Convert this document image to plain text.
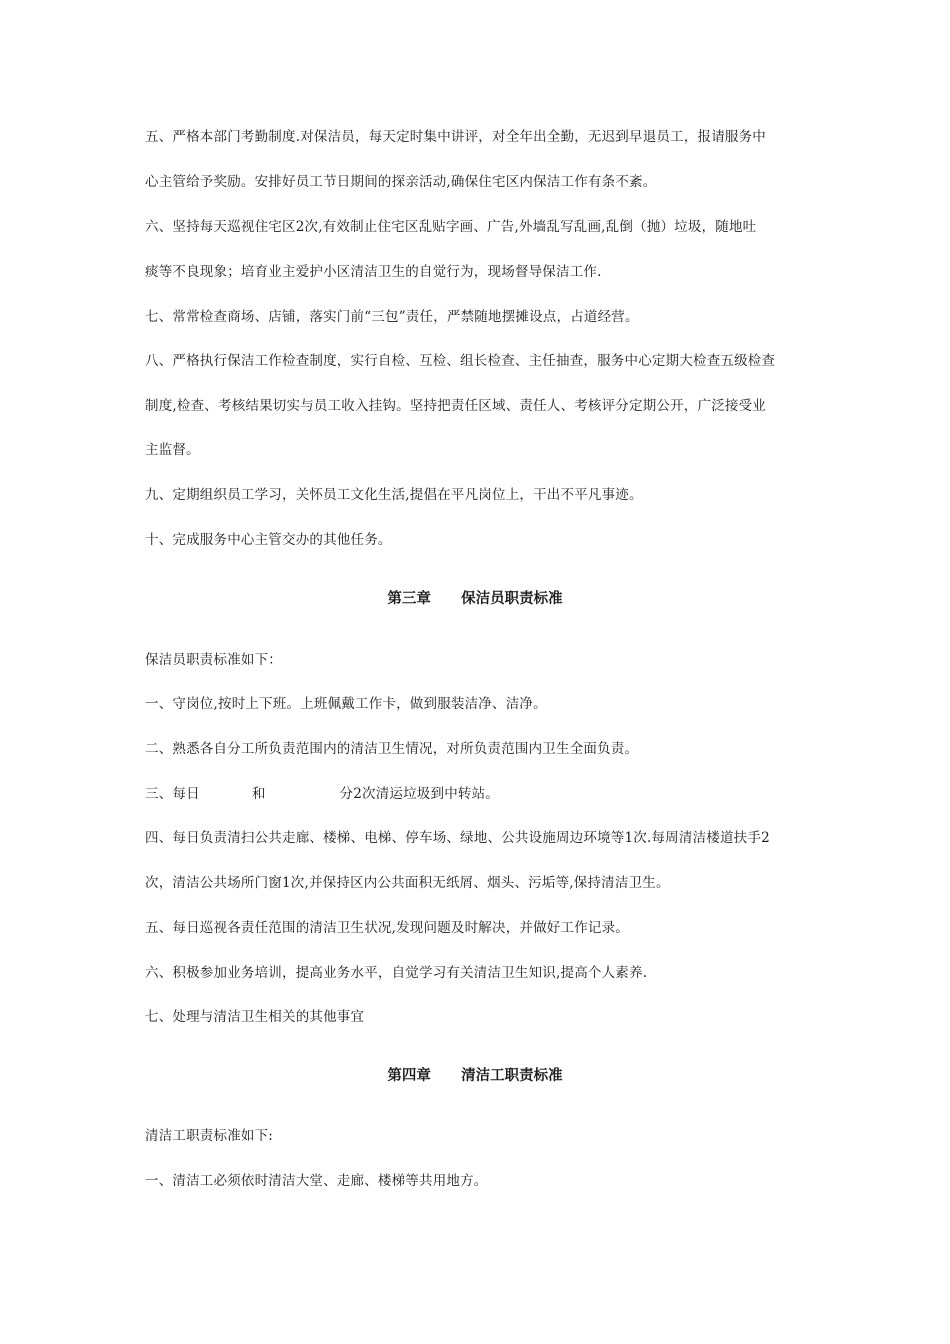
五、严格本部门考勤制度.对保洁员，每天定时集中讲评，对全年出全勤，无迟到早退员工，报请服务中
心主管给予奖励。安排好员工节日期间的探亲活动,确保住宅区内保洁工作有条不紊。
六、坚持每天巡视住宅区2次,有效制止住宅区乱贴字画、广告,外墙乱写乱画,乱倒（抛）垃圾，随地吐
痰等不良现象；培育业主爱护小区清洁卫生的自觉行为，现场督导保洁工作.
七、常常检查商场、店铺，落实门前“三包”责任，严禁随地摆摊设点，占道经营。
八、严格执行保洁工作检查制度，实行自检、互检、组长检查、主任抽查，服务中心定期大检查五级检查
制度,检查、考核结果切实与员工收入挂钩。坚持把责任区域、责任人、考核评分定期公开，广泛接受业
主监督。
九、定期组织员工学习，关怀员工文化生活,提倡在平凡岗位上，干出不平凡事迹。
十、完成服务中心主管交办的其他任务。
第三章      保洁员职责标准
保洁员职责标准如下：
一、守岗位,按时上下班。上班佩戴工作卡，做到服装洁净、洁净。
二、熟悉各自分工所负责范围内的清洁卫生情况，对所负责范围内卫生全面负责。
三、每日	和	分2次清运垃圾到中转站。
四、每日负责清扫公共走廊、楼梯、电梯、停车场、绿地、公共设施周边环境等1次.每周清洁楼道扶手2
次，清洁公共场所门窗1次,并保持区内公共面积无纸屑、烟头、污垢等,保持清洁卫生。
五、每日巡视各责任范围的清洁卫生状况,发现问题及时解决，并做好工作记录。
六、积极参加业务培训，提高业务水平，自觉学习有关清洁卫生知识,提高个人素养.
七、处理与清洁卫生相关的其他事宜
第四章      清洁工职责标准
清洁工职责标准如下:
一、清洁工必须依时清洁大堂、走廊、楼梯等共用地方。
